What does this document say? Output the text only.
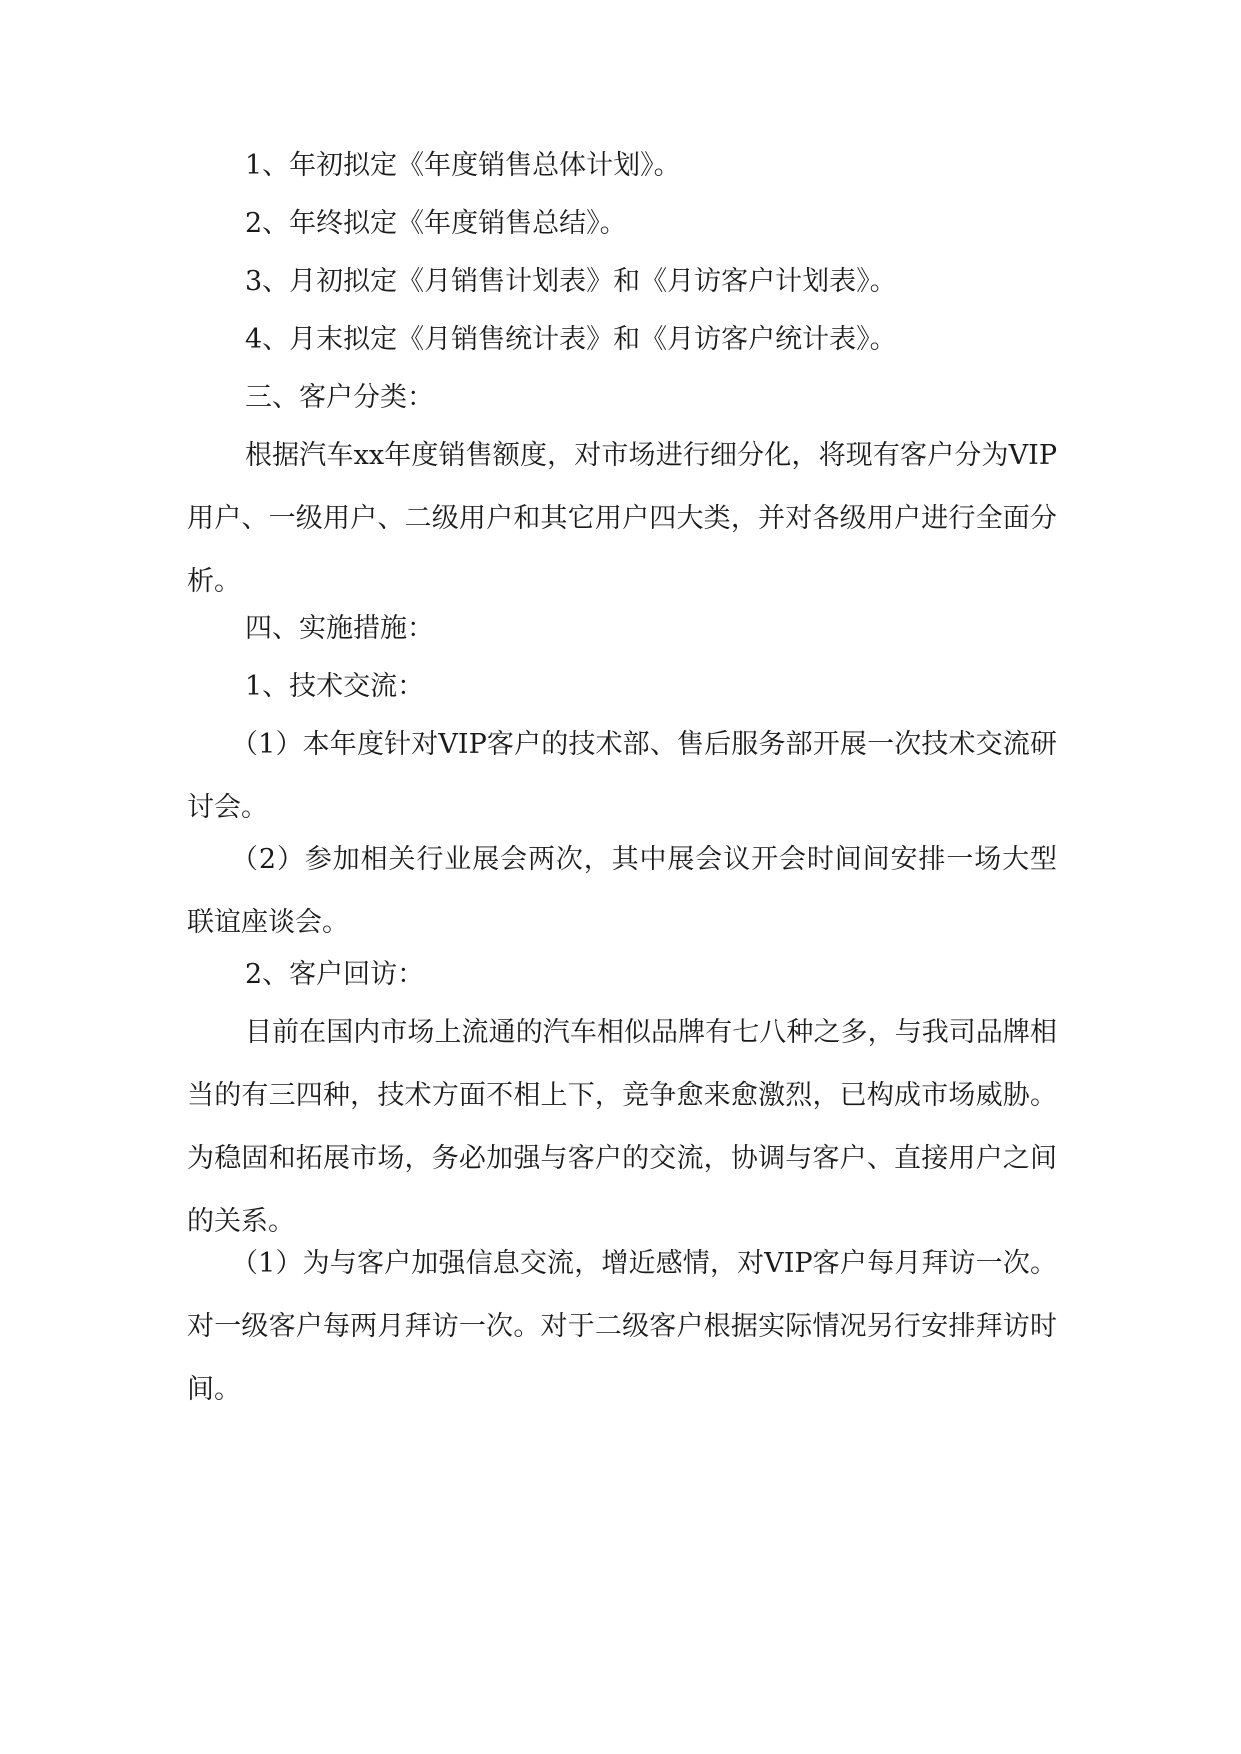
1、年初拟定《年度销售总体计划》。

2、年终拟定《年度销售总结》。

3、月初拟定《月销售计划表》和《月访客户计划表》。

4、月末拟定《月销售统计表》和《月访客户统计表》。

三、客户分类：

根据汽车xx年度销售额度，对市场进行细分化，将现有客户分为VIP用户、一级用户、二级用户和其它用户四大类，并对各级用户进行全面分析。

四、实施措施：

1、技术交流：

（1）本年度针对VIP客户的技术部、售后服务部开展一次技术交流研讨会。

（2）参加相关行业展会两次，其中展会议开会时间间安排一场大型联谊座谈会。

2、客户回访：

目前在国内市场上流通的汽车相似品牌有七八种之多，与我司品牌相当的有三四种，技术方面不相上下，竞争愈来愈激烈，已构成市场威胁。为稳固和拓展市场，务必加强与客户的交流，协调与客户、直接用户之间的关系。

（1）为与客户加强信息交流，增近感情，对VIP客户每月拜访一次。对一级客户每两月拜访一次。对于二级客户根据实际情况另行安排拜访时间。
